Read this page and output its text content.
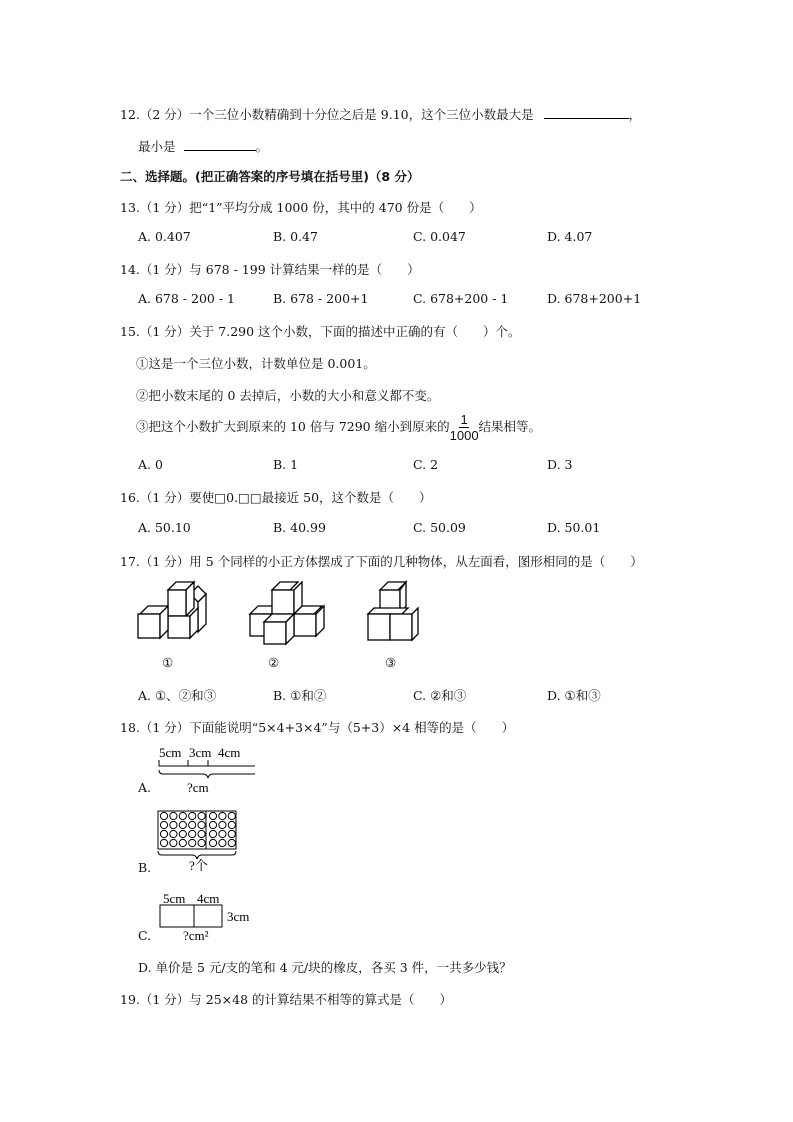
12.（2 分）一个三位小数精确到十分位之后是 9.10，这个三位小数最大是	，
最小是	。
二、选择题。(把正确答案的序号填在括号里)（8 分）
13.（1 分）把“1”平均分成 1000 份，其中的 470 份是（　　）
A. 0.407	B. 0.47	C. 0.047	D. 4.07
14.（1 分）与 678 - 199 计算结果一样的是（　　）
A. 678 - 200 - 1	B. 678 - 200+1	C. 678+200 - 1	D. 678+200+1
15.（1 分）关于 7.290 这个小数，下面的描述中正确的有（　　）个。
①这是一个三位小数，计数单位是 0.001。
②把小数末尾的 0 去掉后，小数的大小和意义都不变。
③把这个小数扩大到原来的 10 倍与 7290 缩小到原来的 $\frac{1}{1000}$ 结果相等。
A. 0	B. 1	C. 2	D. 3
16.（1 分）要使□0.□□最接近 50，这个数是（　　）
A. 50.10	B. 40.99	C. 50.09	D. 50.01
17.（1 分）用 5 个同样的小正方体摆成了下面的几种物体，从左面看，图形相同的是（　　）
①	②	③
A. ①、②和③	B. ①和②	C. ②和③	D. ①和③
18.（1 分）下面能说明“5×4+3×4”与（5+3）×4 相等的是（　　）
A.
5cm 3cm 4cm
?cm
B.	?个
C.
5cm 4cm
3cm
?cm²
D. 单价是 5 元/支的笔和 4 元/块的橡皮，各买 3 件，一共多少钱？
19.（1 分）与 25×48 的计算结果不相等的算式是（　　）
